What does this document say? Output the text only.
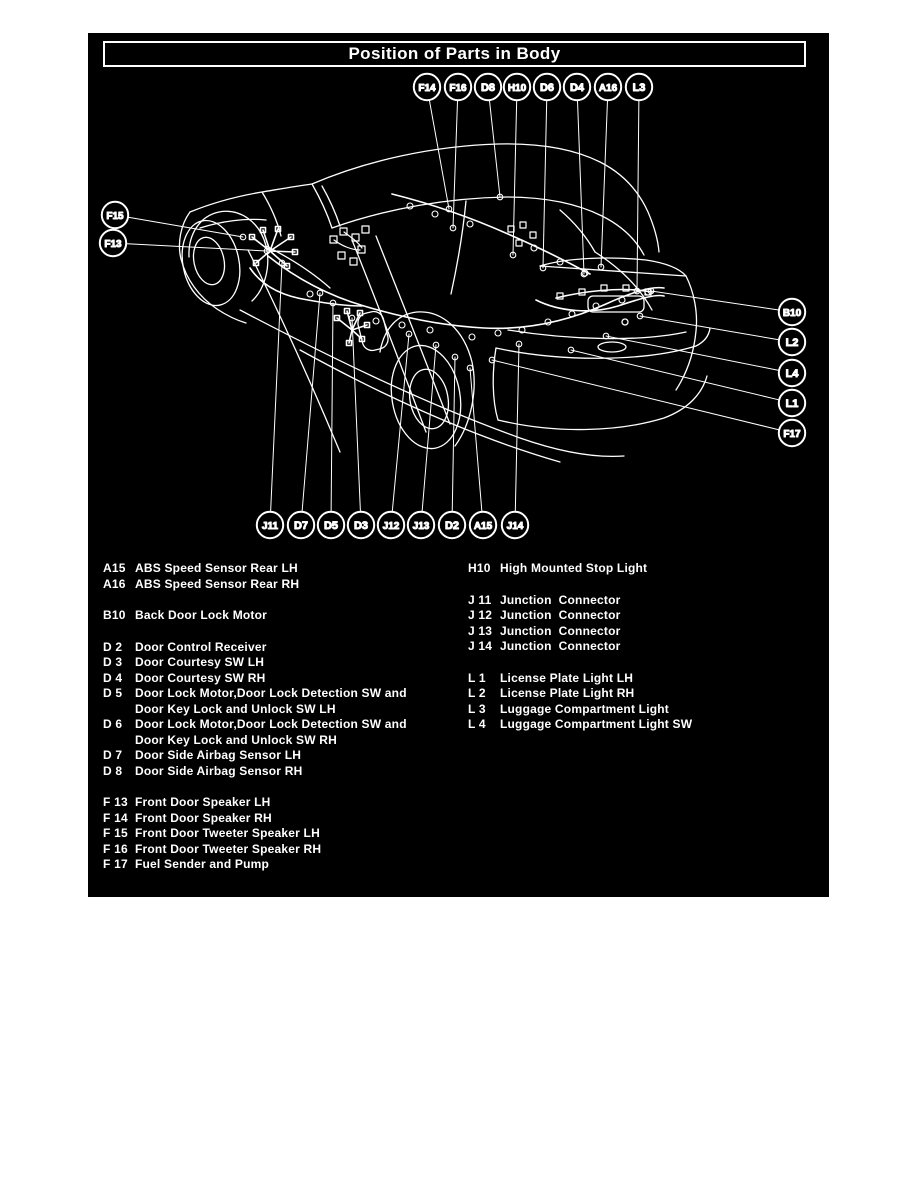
Position of Parts in Body
F14 F16 D8 H10 D6 D4 A16 L3
F15
F13
B10
L2
L4
L1
F17
J11 D7 D5 D3 J12 J13 D2 A15 J14
A15 ABS Speed Sensor Rear LH
A16 ABS Speed Sensor Rear RH
B10 Back Door Lock Motor
D 2	Door Control Receiver
D 3	Door Courtesy SW LH
D 4	Door Courtesy SW RH
D 5	Door Lock Motor,Door Lock Detection SW and
Door Key Lock and Unlock SW LH
D 6	Door Lock Motor,Door Lock Detection SW and
Door Key Lock and Unlock SW RH
D 7	Door Side Airbag Sensor LH
D 8	Door Side Airbag Sensor RH
F 13 Front Door Speaker LH
F 14 Front Door Speaker RH
F 15 Front Door Tweeter Speaker LH
F 16 Front Door Tweeter Speaker RH
F 17 Fuel Sender and Pump
H10 High Mounted Stop Light
J 11 Junction  Connector
J 12 Junction  Connector
J 13 Junction  Connector
J 14 Junction  Connector
L 1	License Plate Light LH
L 2	License Plate Light RH
L 3	Luggage Compartment Light
L 4	Luggage Compartment Light SW
